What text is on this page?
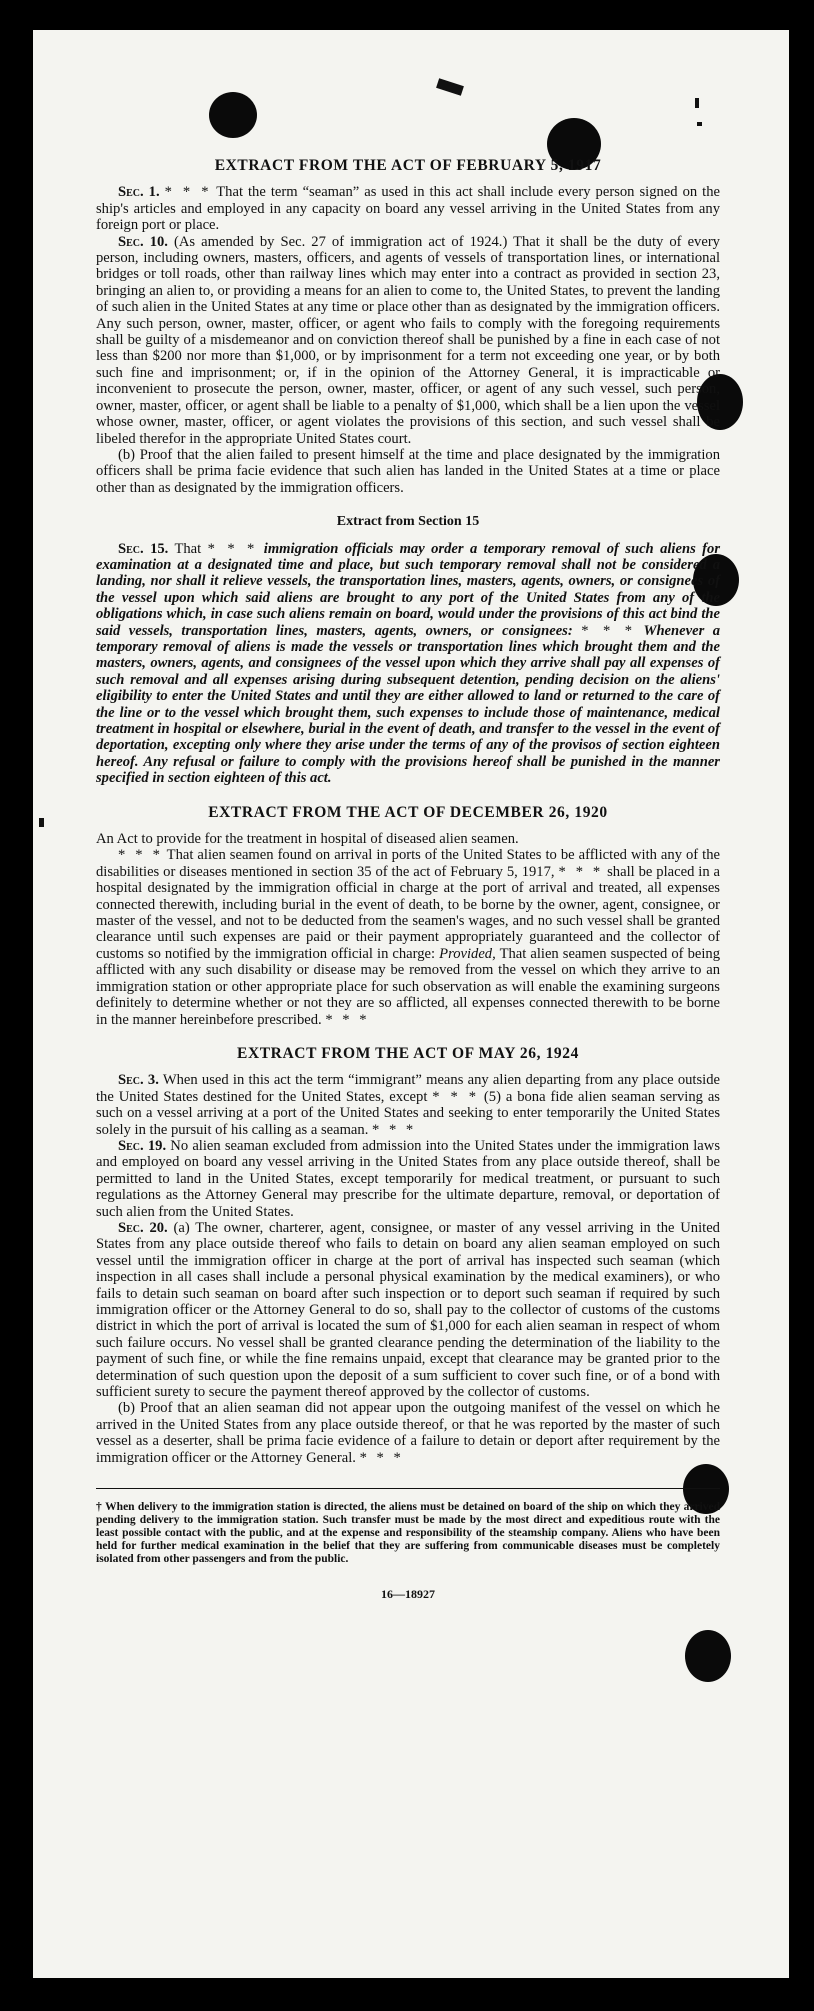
EXTRACT FROM THE ACT OF FEBRUARY 5, 1917

Sec. 1. * * * That the term “seaman” as used in this act shall include every person signed on the ship's articles and employed in any capacity on board any vessel arriving in the United States from any foreign port or place.

Sec. 10. (As amended by Sec. 27 of immigration act of 1924.) That it shall be the duty of every person, including owners, masters, officers, and agents of vessels of transportation lines, or international bridges or toll roads, other than railway lines which may enter into a contract as provided in section 23, bringing an alien to, or providing a means for an alien to come to, the United States, to prevent the landing of such alien in the United States at any time or place other than as designated by the immigration officers. Any such person, owner, master, officer, or agent who fails to comply with the foregoing requirements shall be guilty of a misdemeanor and on conviction thereof shall be punished by a fine in each case of not less than $200 nor more than $1,000, or by imprisonment for a term not exceeding one year, or by both such fine and imprisonment; or, if in the opinion of the Attorney General, it is impracticable or inconvenient to prosecute the person, owner, master, officer, or agent of any such vessel, such person, owner, master, officer, or agent shall be liable to a penalty of $1,000, which shall be a lien upon the vessel whose owner, master, officer, or agent violates the provisions of this section, and such vessel shall be libeled therefor in the appropriate United States court.

(b) Proof that the alien failed to present himself at the time and place designated by the immigration officers shall be prima facie evidence that such alien has landed in the United States at a time or place other than as designated by the immigration officers.

Extract from Section 15

Sec. 15. That * * * immigration officials may order a temporary removal of such aliens for examination at a designated time and place, but such temporary removal shall not be considered a landing, nor shall it relieve vessels, the transportation lines, masters, agents, owners, or consignees of the vessel upon which said aliens are brought to any port of the United States from any of the obligations which, in case such aliens remain on board, would under the provisions of this act bind the said vessels, transportation lines, masters, agents, owners, or consignees: * * * Whenever a temporary removal of aliens is made the vessels or transportation lines which brought them and the masters, owners, agents, and consignees of the vessel upon which they arrive shall pay all expenses of such removal and all expenses arising during subsequent detention, pending decision on the aliens' eligibility to enter the United States and until they are either allowed to land or returned to the care of the line or to the vessel which brought them, such expenses to include those of maintenance, medical treatment in hospital or elsewhere, burial in the event of death, and transfer to the vessel in the event of deportation, excepting only where they arise under the terms of any of the provisos of section eighteen hereof. Any refusal or failure to comply with the provisions hereof shall be punished in the manner specified in section eighteen of this act.

EXTRACT FROM THE ACT OF DECEMBER 26, 1920

An Act to provide for the treatment in hospital of diseased alien seamen.

* * * That alien seamen found on arrival in ports of the United States to be afflicted with any of the disabilities or diseases mentioned in section 35 of the act of February 5, 1917, * * * shall be placed in a hospital designated by the immigration official in charge at the port of arrival and treated, all expenses connected therewith, including burial in the event of death, to be borne by the owner, agent, consignee, or master of the vessel, and not to be deducted from the seamen's wages, and no such vessel shall be granted clearance until such expenses are paid or their payment appropriately guaranteed and the collector of customs so notified by the immigration official in charge: Provided, That alien seamen suspected of being afflicted with any such disability or disease may be removed from the vessel on which they arrive to an immigration station or other appropriate place for such observation as will enable the examining surgeons definitely to determine whether or not they are so afflicted, all expenses connected therewith to be borne in the manner hereinbefore prescribed. * * *

EXTRACT FROM THE ACT OF MAY 26, 1924

Sec. 3. When used in this act the term “immigrant” means any alien departing from any place outside the United States destined for the United States, except * * * (5) a bona fide alien seaman serving as such on a vessel arriving at a port of the United States and seeking to enter temporarily the United States solely in the pursuit of his calling as a seaman. * * *

Sec. 19. No alien seaman excluded from admission into the United States under the immigration laws and employed on board any vessel arriving in the United States from any place outside thereof, shall be permitted to land in the United States, except temporarily for medical treatment, or pursuant to such regulations as the Attorney General may prescribe for the ultimate departure, removal, or deportation of such alien from the United States.

Sec. 20. (a) The owner, charterer, agent, consignee, or master of any vessel arriving in the United States from any place outside thereof who fails to detain on board any alien seaman employed on such vessel until the immigration officer in charge at the port of arrival has inspected such seaman (which inspection in all cases shall include a personal physical examination by the medical examiners), or who fails to detain such seaman on board after such inspection or to deport such seaman if required by such immigration officer or the Attorney General to do so, shall pay to the collector of customs of the customs district in which the port of arrival is located the sum of $1,000 for each alien seaman in respect of whom such failure occurs. No vessel shall be granted clearance pending the determination of the liability to the payment of such fine, or while the fine remains unpaid, except that clearance may be granted prior to the determination of such question upon the deposit of a sum sufficient to cover such fine, or of a bond with sufficient surety to secure the payment thereof approved by the collector of customs.

(b) Proof that an alien seaman did not appear upon the outgoing manifest of the vessel on which he arrived in the United States from any place outside thereof, or that he was reported by the master of such vessel as a deserter, shall be prima facie evidence of a failure to detain or deport after requirement by the immigration officer or the Attorney General. * * *

† When delivery to the immigration station is directed, the aliens must be detained on board of the ship on which they arrived pending delivery to the immigration station. Such transfer must be made by the most direct and expeditious route with the least possible contact with the public, and at the expense and responsibility of the steamship company. Aliens who have been held for further medical examination in the belief that they are suffering from communicable diseases must be completely isolated from other passengers and from the public.

16—18927
